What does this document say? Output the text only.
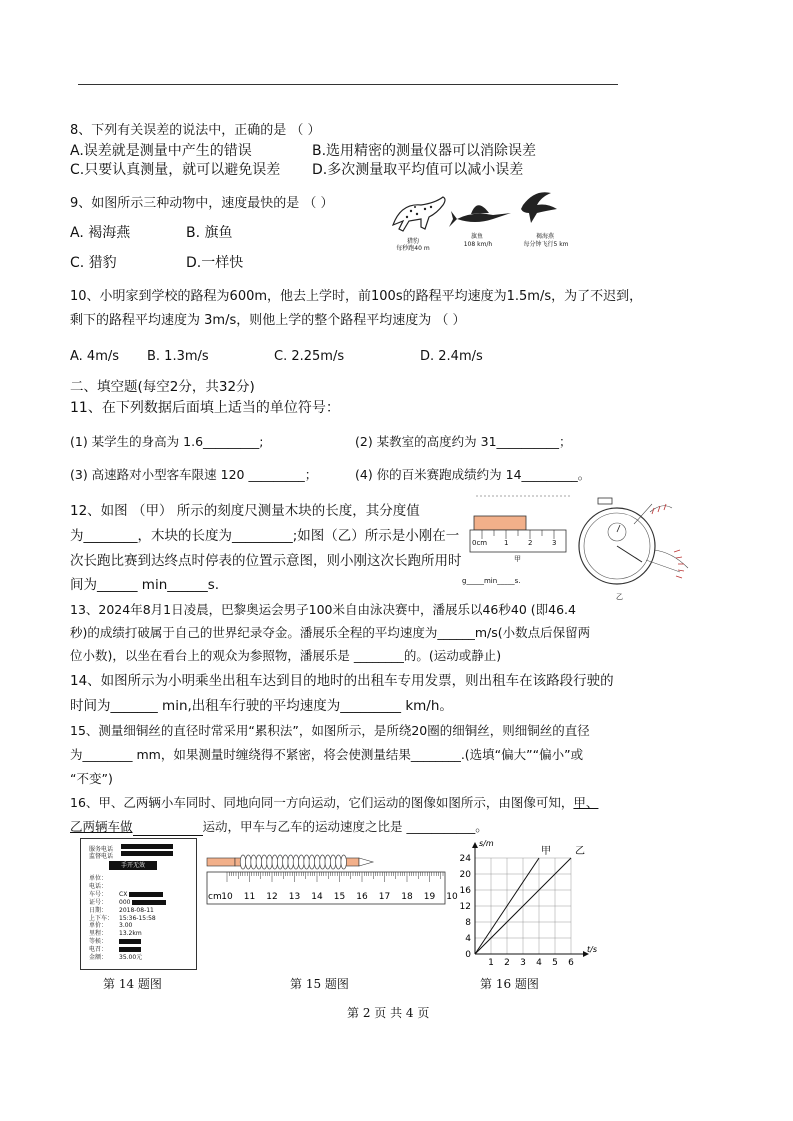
8、下列有关误差的说法中，正确的是 （ ）
A.误差就是测量中产生的错误	B.选用精密的测量仪器可以消除误差
C.只要认真测量，就可以避免误差 D.多次测量取平均值可以减小误差
9、如图所示三种动物中，速度最快的是 （ ）
A. 褐海燕	B. 旗鱼
C. 猎豹	D.一样快
猎豹
每秒跑40 m
旗鱼
108 km/h
褐海燕
每分钟飞行5 km
10、小明家到学校的路程为600m，他去上学时，前100s的路程平均速度为1.5m/s，为了不迟到，
剩下的路程平均速度为 3m/s，则他上学的整个路程平均速度为 （ ）
A. 4m/s B. 1.3m/s	C. 2.25m/s	D. 2.4m/s
二、填空题(每空2分，共32分)
11、在下列数据后面填上适当的单位符号：
(1) 某学生的身高为 1.6_________;	(2) 某教室的高度约为 31__________；
(3) 高速路对小型客车限速 120 _________；	(4) 你的百米赛跑成绩约为 14_________。
12、如图 （甲） 所示的刻度尺测量木块的长度，其分度值
为________，木块的长度为_________;如图（乙）所示是小刚在一
次长跑比赛到达终点时停表的位置示意图，则小刚这次长跑所用时
间为______ min______s.
0cm 1	2	3
甲
g_____min_____s.
乙
13、2024年8月1日凌晨，巴黎奥运会男子100米自由泳决赛中，潘展乐以46秒40 (即46.4
秒)的成绩打破属于自己的世界纪录夺金。潘展乐全程的平均速度为______m/s(小数点后保留两
位小数)，以坐在看台上的观众为参照物，潘展乐是 ________的。(运动或静止)
14、如图所示为小明乘坐出租车达到目的地时的出租车专用发票，则出租车在该路段行驶的
时间为_______ min,出租车行驶的平均速度为_________ km/h。
15、测量细铜丝的直径时常采用“累积法”，如图所示，是所绕20圈的细铜丝，则细铜丝的直径
为________ mm，如果测量时缠绕得不紧密，将会使测量结果________.(选填“偏大”“偏小”或
“不变”)
16、甲、乙两辆小车同时、同地向同一方向运动，它们运动的图像如图所示，由图像可知，甲、
乙两辆车做	运动，甲车与乙车的运动速度之比是 ___________。
服务电话
监督电话
手开无效
单位：
电话：
车号： CX
证号： 000
日期： 2018-08-11
上下车： 15:36-15:58
单价： 3.00
里程： 13.2km
等候：
电召：
金额： 35.00元
cm 10 11 12 13 14 15 16 17 18 19 10
1 2 3 4 5 6
0
4
8
12
16
20
24
t/s
s/m
甲 乙
第 14 题图	第 15 题图	第 16 题图
第 2 页 共 4 页
